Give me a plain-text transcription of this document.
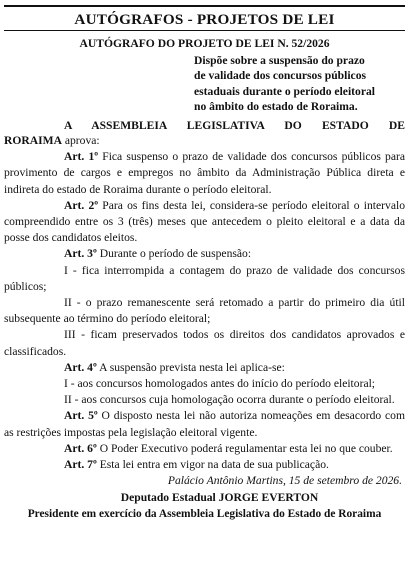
AUTÓGRAFOS - PROJETOS DE LEI
AUTÓGRAFO DO PROJETO DE LEI N. 52/2026
Dispõe sobre a suspensão do prazo
de validade dos concursos públicos
estaduais durante o período eleitoral
no âmbito do estado de Roraima.
A ASSEMBLEIA LEGISLATIVA DO ESTADO DE

RORAIMA aprova:

Art. 1º Fica suspenso o prazo de validade dos concursos públicos para provimento de cargos e empregos no âmbito da Administração Pública direta e indireta do estado de Roraima durante o período eleitoral.

Art. 2º Para os fins desta lei, considera-se período eleitoral o intervalo compreendido entre os 3 (três) meses que antecedem o pleito eleitoral e a data da posse dos candidatos eleitos.

Art. 3º Durante o período de suspensão:

I - fica interrompida a contagem do prazo de validade dos concursos públicos;

II - o prazo remanescente será retomado a partir do primeiro dia útil subsequente ao término do período eleitoral;

III - ficam preservados todos os direitos dos candidatos aprovados e classificados.

Art. 4º A suspensão prevista nesta lei aplica-se:

I - aos concursos homologados antes do início do período eleitoral;

II - aos concursos cuja homologação ocorra durante o período eleitoral.

Art. 5º O disposto nesta lei não autoriza nomeações em desacordo com as restrições impostas pela legislação eleitoral vigente.

Art. 6º O Poder Executivo poderá regulamentar esta lei no que couber.

Art. 7º Esta lei entra em vigor na data de sua publicação.

Palácio Antônio Martins, 15 de setembro de 2026.
Deputado Estadual JORGE EVERTON
Presidente em exercício da Assembleia Legislativa do Estado de Roraima
